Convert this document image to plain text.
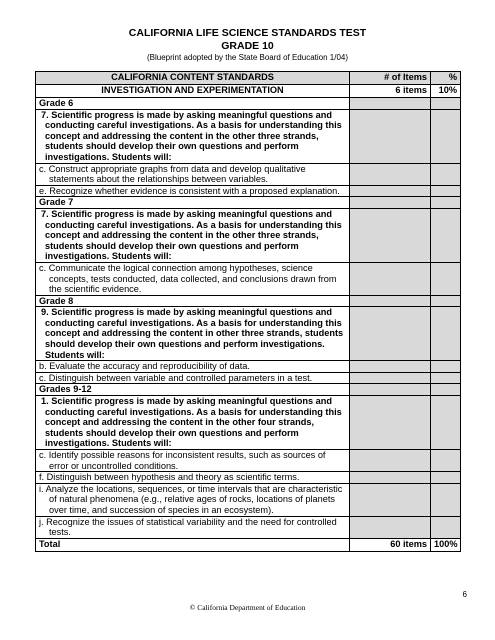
CALIFORNIA LIFE SCIENCE STANDARDS TEST
GRADE 10
(Blueprint adopted by the State Board of Education 1/04)
CALIFORNIA CONTENT STANDARDS	# of Items	%
INVESTIGATION AND EXPERIMENTATION	6 items	10%
Grade 6		

7. Scientific progress is made by asking meaningful questions and conducting careful investigations. As a basis for understanding this concept and addressing the content in the other three strands, students should develop their own questions and perform investigations. Students will:		

c. Construct appropriate graphs from data and develop qualitative statements about the relationships between variables.		

e. Recognize whether evidence is consistent with a proposed explanation.		

Grade 7		

7. Scientific progress is made by asking meaningful questions and conducting careful investigations. As a basis for understanding this concept and addressing the content in the other three strands, students should develop their own questions and perform investigations. Students will:		

c. Communicate the logical connection among hypotheses, science concepts, tests conducted, data collected, and conclusions drawn from the scientific evidence.		

Grade 8		

9. Scientific progress is made by asking meaningful questions and conducting careful investigations. As a basis for understanding this concept and addressing the content in other three strands, students should develop their own questions and perform investigations. Students will:		

b. Evaluate the accuracy and reproducibility of data.		

c. Distinguish between variable and controlled parameters in a test.		

Grades 9-12		

1. Scientific progress is made by asking meaningful questions and conducting careful investigations. As a basis for understanding this concept and addressing the content in the other four strands, students should develop their own questions and perform investigations. Students will:		

c. Identify possible reasons for inconsistent results, such as sources of error or uncontrolled conditions.		

f. Distinguish between hypothesis and theory as scientific terms.		

i. Analyze the locations, sequences, or time intervals that are characteristic of natural phenomena (e.g., relative ages of rocks, locations of planets over time, and succession of species in an ecosystem).		

j. Recognize the issues of statistical variability and the need for controlled tests.		

Total	60 items	100%
6
© California Department of Education
